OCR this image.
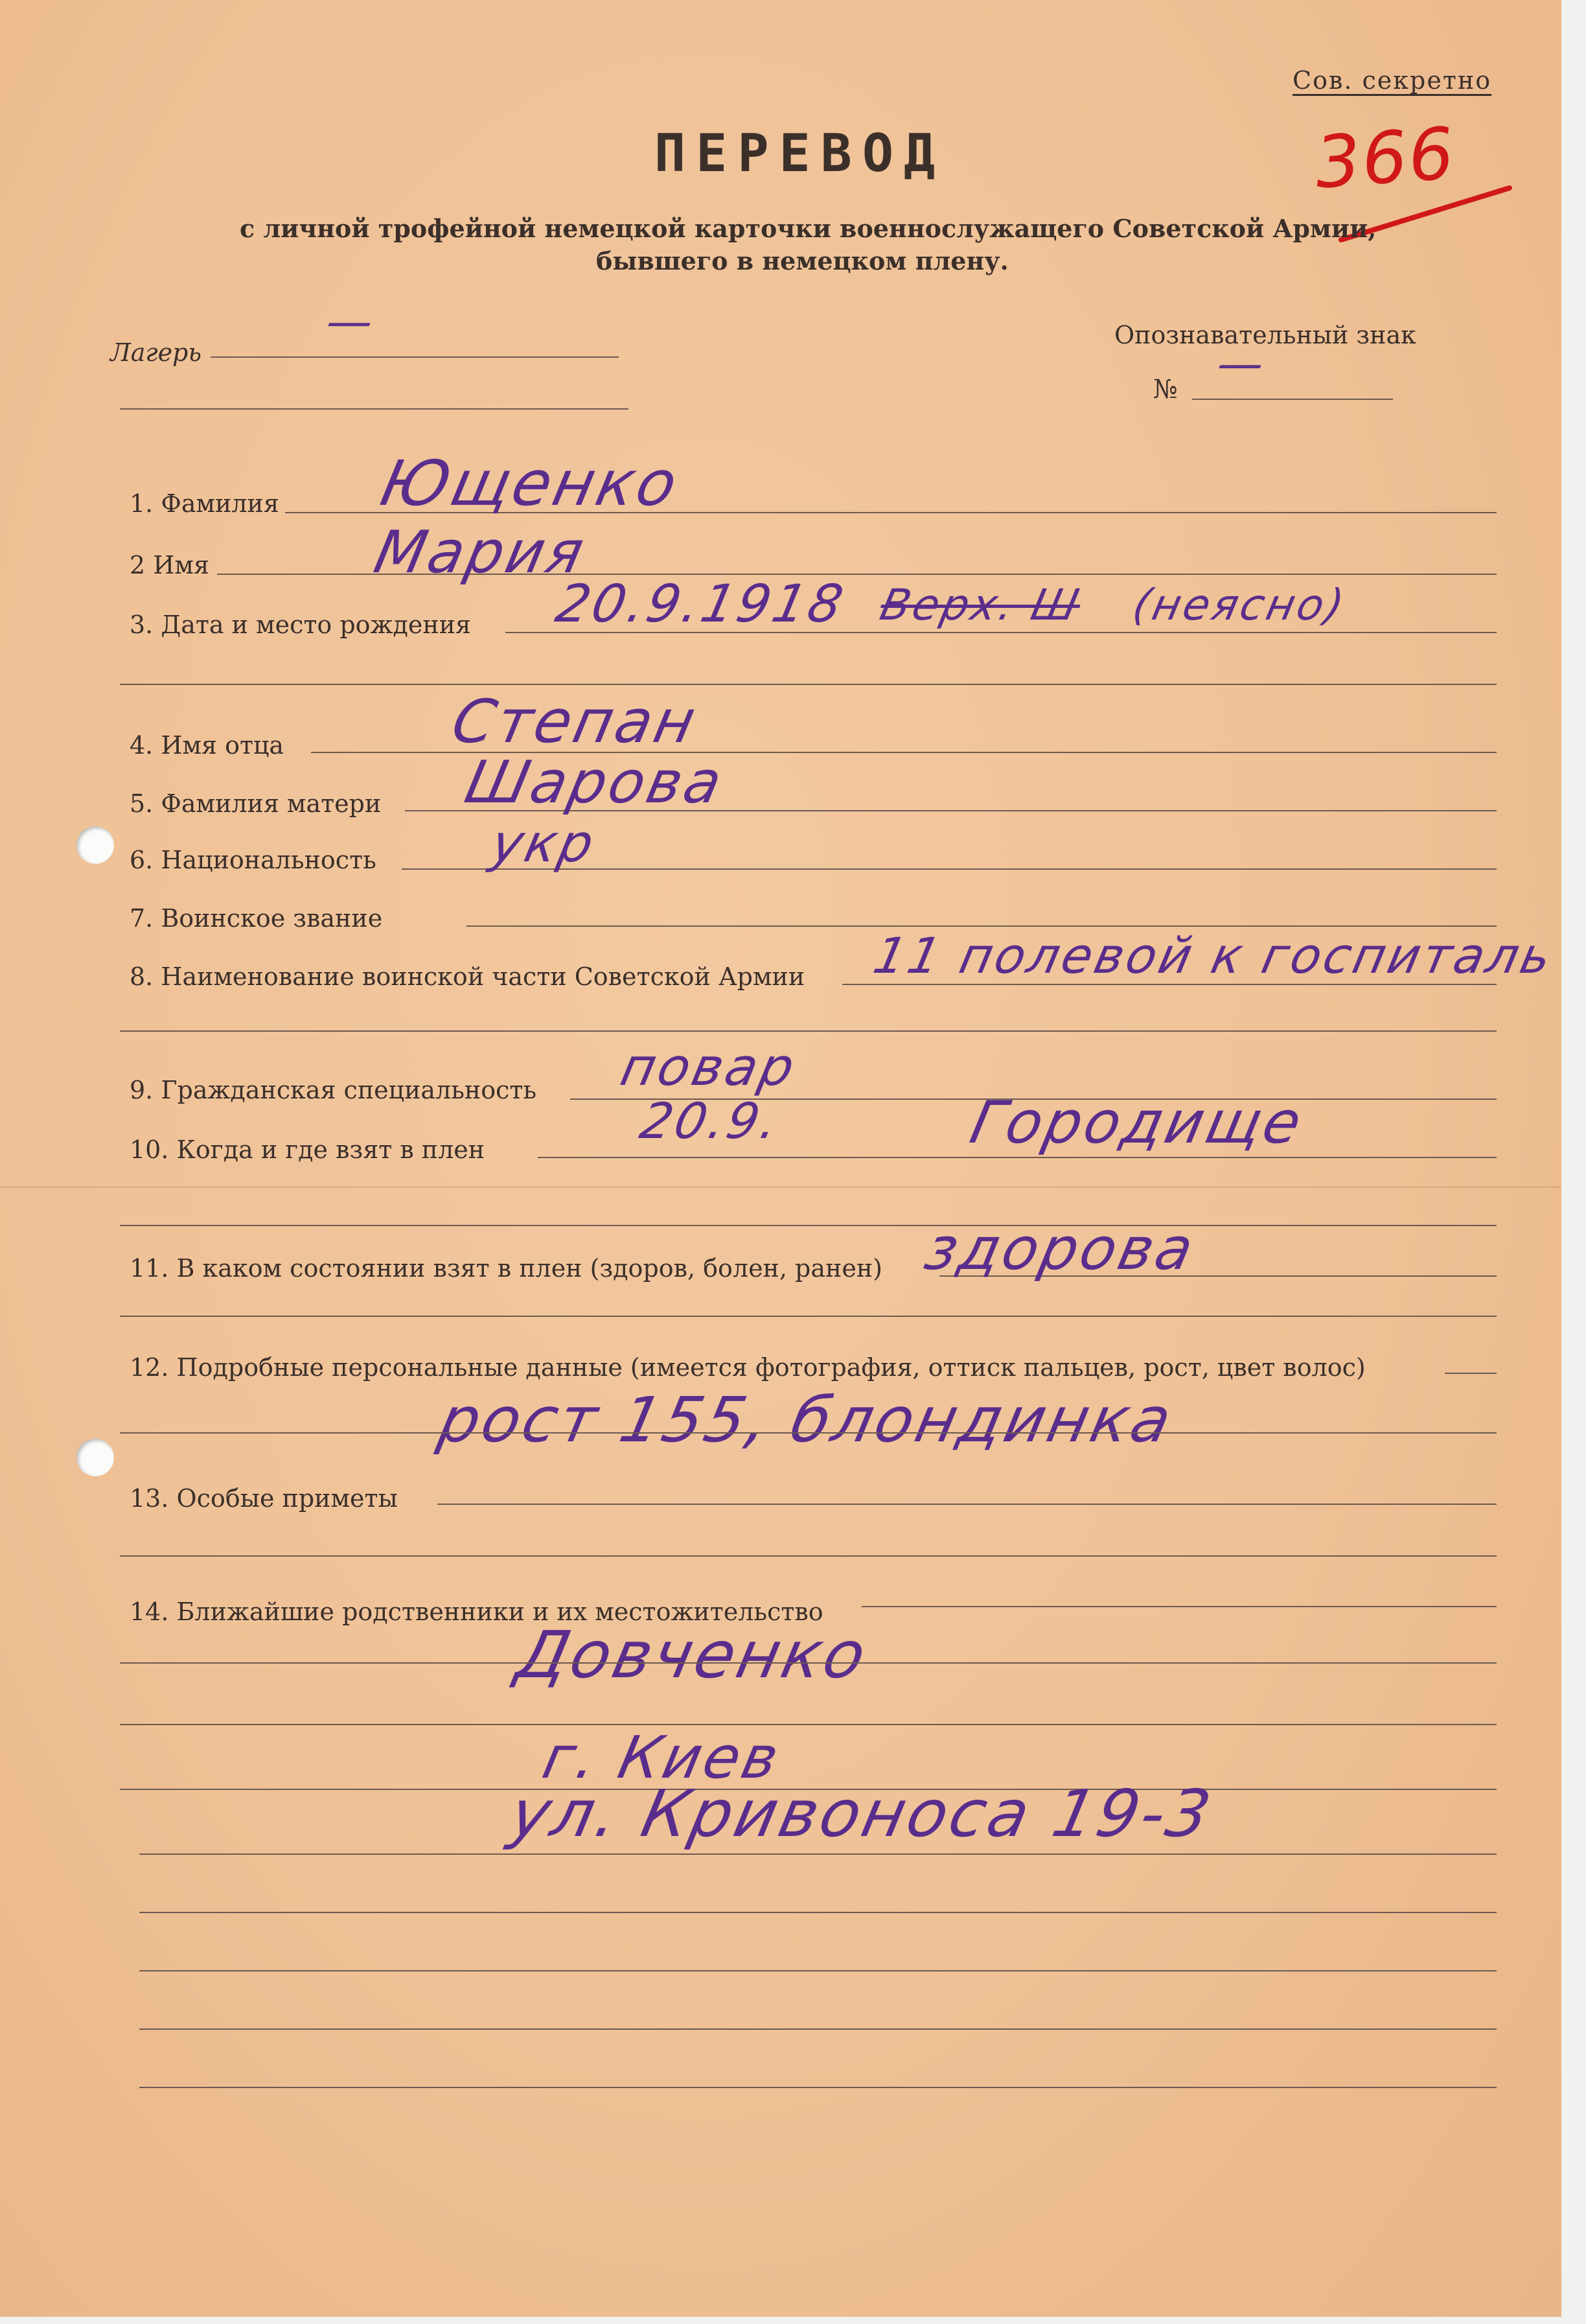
Сов. секретно
366
ПЕРЕВОД
с личной трофейной немецкой карточки военнослужащего Советской Армии,
бывшего в немецком плену.
Лагерь
—	Опознавательный знак
№ —
1. Фамилия Ющенко
2 Имя	Мария
3. Дата и место рождения 20.9.1918 Верх. Ш (неясно)
4. Имя отца	Степан
5. Фамилия матери Шарова
6. Национальность укр
7. Воинское звание
8. Наименование воинской части Советской Армии 11 полевой к госпиталь
9. Гражданская специальность повар
10. Когда и где взят в плен	20.9.	Городище
11. В каком состоянии взят в плен (здоров, болен, ранен) здорова
12. Подробные персональные данные (имеется фотография, оттиск пальцев, рост, цвет волос)
рост 155, блондинка
13. Особые приметы
14. Ближайшие родственники и их местожительство
Довченко
г. Киев
ул. Кривоноса 19-3
